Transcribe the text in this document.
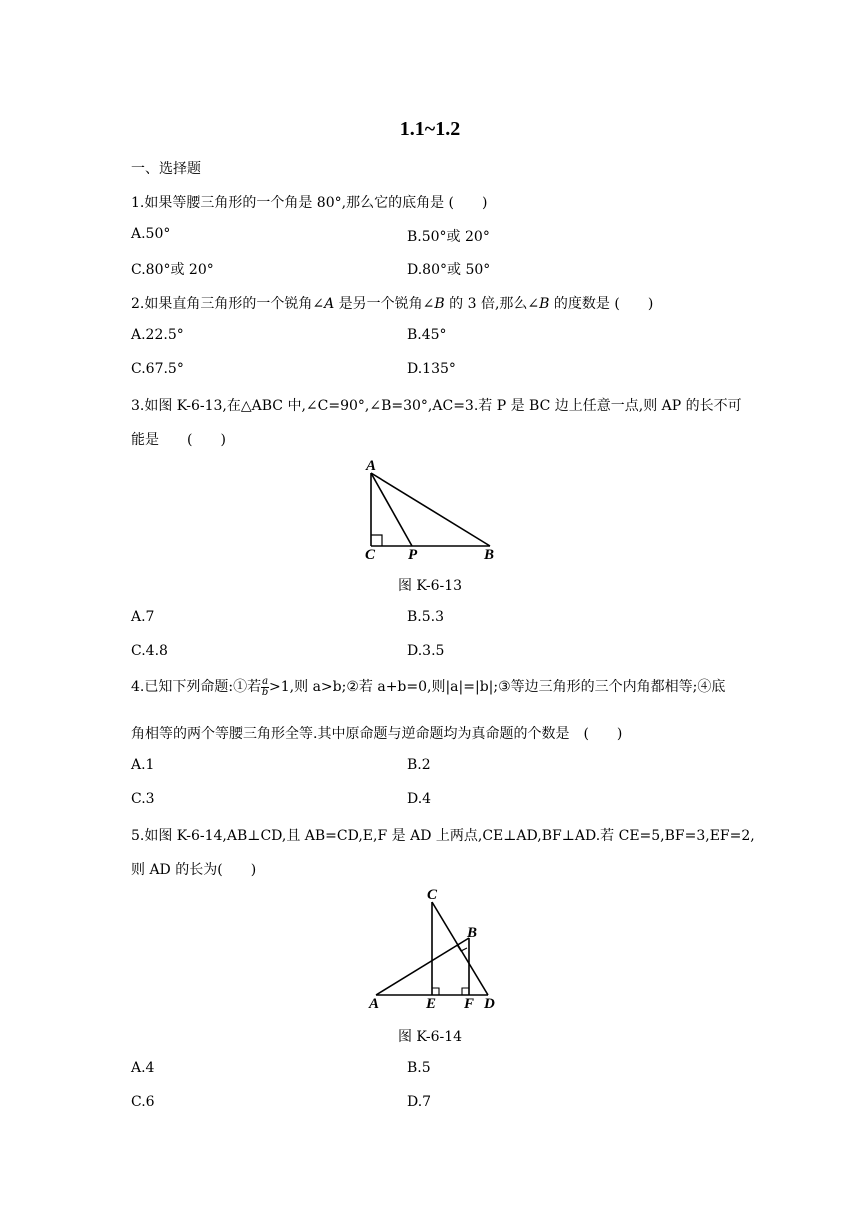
1.1~1.2
一、选择题
1.如果等腰三角形的一个角是 80°,那么它的底角是 (　　)
A.50°	B.50°或 20°
C.80°或 20°	D.80°或 50°
2.如果直角三角形的一个锐角∠A 是另一个锐角∠B 的 3 倍,那么∠B 的度数是 (　　)
A.22.5°	B.45°
C.67.5°	D.135°
3.如图 K-6-13,在△ABC 中,∠C=90°,∠B=30°,AC=3.若 P 是 BC 边上任意一点,则 AP 的长不可
能是　　(　　)
A
C P	B
图 K-6-13
A.7	B.5.3
C.4.8	D.3.5
4.已知下列命题:①若 $\frac{a}{b} >1$,则 a>b;②若 a+b=0,则|a|=|b|;③等边三角形的三个内角都相等;④底
角相等的两个等腰三角形全等.其中原命题与逆命题均为真命题的个数是　(　　)
A.1	B.2
C.3	D.4
5.如图 K-6-14,AB⊥CD,且 AB=CD,E,F 是 AD 上两点,CE⊥AD,BF⊥AD.若 CE=5,BF=3,EF=2,
则 AD 的长为(　　)
C
B
A	E F D
图 K-6-14
A.4	B.5
C.6	D.7
